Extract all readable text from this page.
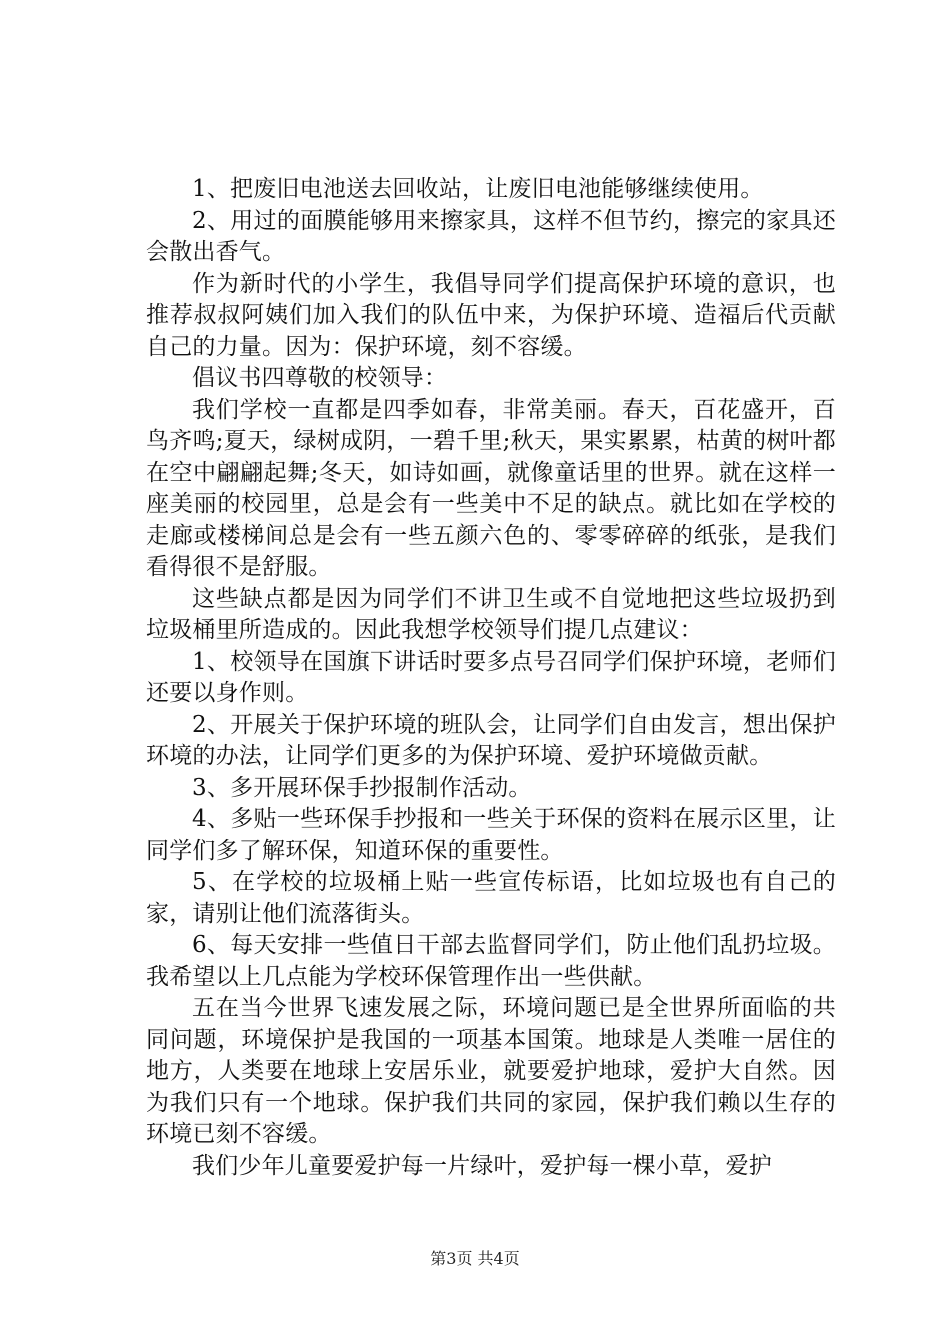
1、把废旧电池送去回收站，让废旧电池能够继续使用。

2、用过的面膜能够用来擦家具，这样不但节约，擦完的家具还会散出香气。

作为新时代的小学生，我倡导同学们提高保护环境的意识，也推荐叔叔阿姨们加入我们的队伍中来，为保护环境、造福后代贡献自己的力量。因为：保护环境，刻不容缓。

倡议书四尊敬的校领导：

我们学校一直都是四季如春，非常美丽。春天，百花盛开，百鸟齐鸣;夏天，绿树成阴，一碧千里;秋天，果实累累，枯黄的树叶都在空中翩翩起舞;冬天，如诗如画，就像童话里的世界。就在这样一座美丽的校园里，总是会有一些美中不足的缺点。就比如在学校的走廊或楼梯间总是会有一些五颜六色的、零零碎碎的纸张，是我们看得很不是舒服。

这些缺点都是因为同学们不讲卫生或不自觉地把这些垃圾扔到垃圾桶里所造成的。因此我想学校领导们提几点建议：

1、校领导在国旗下讲话时要多点号召同学们保护环境，老师们还要以身作则。

2、开展关于保护环境的班队会，让同学们自由发言，想出保护环境的办法，让同学们更多的为保护环境、爱护环境做贡献。

3、多开展环保手抄报制作活动。

4、多贴一些环保手抄报和一些关于环保的资料在展示区里，让同学们多了解环保，知道环保的重要性。

5、在学校的垃圾桶上贴一些宣传标语，比如垃圾也有自己的家，请别让他们流落街头。

6、每天安排一些值日干部去监督同学们，防止他们乱扔垃圾。我希望以上几点能为学校环保管理作出一些供献。

五在当今世界飞速发展之际，环境问题已是全世界所面临的共同问题，环境保护是我国的一项基本国策。地球是人类唯一居住的地方，人类要在地球上安居乐业，就要爱护地球，爱护大自然。因为我们只有一个地球。保护我们共同的家园，保护我们赖以生存的环境已刻不容缓。

我们少年儿童要爱护每一片绿叶，爱护每一棵小草，爱护

第3页 共4页
